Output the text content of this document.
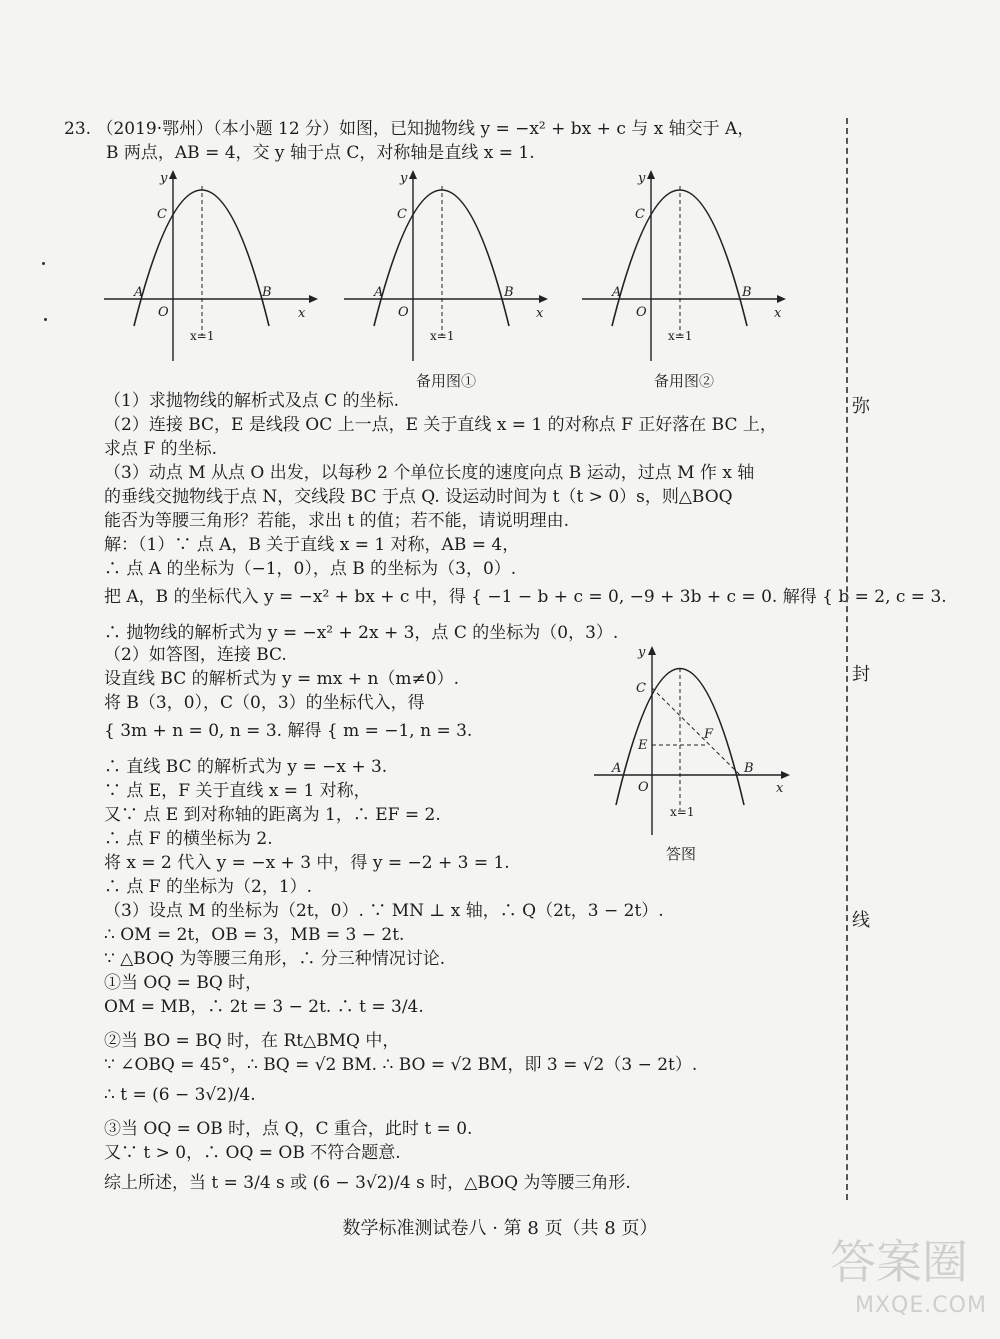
23. （2019·鄂州）（本小题 12 分）如图，已知抛物线 y = −x² + bx + c 与 x 轴交于 A，
B 两点，AB = 4，交 y 轴于点 C，对称轴是直线 x = 1.
y
x
C
A	B
O
x=1
y
x
C
A	B
O
x=1
备用图①
y
x
C
A	B
O
x=1
备用图②
y
x
C
E
F
A	B
O
x=1
答图
（1）求抛物线的解析式及点 C 的坐标.
（2）连接 BC，E 是线段 OC 上一点，E 关于直线 x = 1 的对称点 F 正好落在 BC 上，
求点 F 的坐标.
（3）动点 M 从点 O 出发，以每秒 2 个单位长度的速度向点 B 运动，过点 M 作 x 轴
的垂线交抛物线于点 N，交线段 BC 于点 Q. 设运动时间为 t（t > 0）s，则△BOQ
能否为等腰三角形？若能，求出 t 的值；若不能，请说明理由.
解：（1）∵ 点 A，B 关于直线 x = 1 对称，AB = 4，
∴ 点 A 的坐标为（−1，0），点 B 的坐标为（3，0）.
把 A，B 的坐标代入 y = −x² + bx + c 中，得 { −1 − b + c = 0, −9 + 3b + c = 0. 解得 { b = 2, c = 3.
∴ 抛物线的解析式为 y = −x² + 2x + 3，点 C 的坐标为（0，3）.
（2）如答图，连接 BC.
设直线 BC 的解析式为 y = mx + n（m≠0）.
将 B（3，0），C（0，3）的坐标代入，得
{ 3m + n = 0, n = 3. 解得 { m = −1, n = 3.
∴ 直线 BC 的解析式为 y = −x + 3.
∵ 点 E，F 关于直线 x = 1 对称，
又∵ 点 E 到对称轴的距离为 1，∴ EF = 2.
∴ 点 F 的横坐标为 2.
将 x = 2 代入 y = −x + 3 中，得 y = −2 + 3 = 1.
∴ 点 F 的坐标为（2，1）.
（3）设点 M 的坐标为（2t，0）. ∵ MN ⊥ x 轴，∴ Q（2t，3 − 2t）.
∴ OM = 2t，OB = 3，MB = 3 − 2t.
∵ △BOQ 为等腰三角形，∴ 分三种情况讨论.
①当 OQ = BQ 时，
OM = MB，∴ 2t = 3 − 2t. ∴ t = 3/4.
②当 BO = BQ 时，在 Rt△BMQ 中，
∵ ∠OBQ = 45°，∴ BQ = √2 BM. ∴ BO = √2 BM，即 3 = √2（3 − 2t）.
∴ t = (6 − 3√2)/4.
③当 OQ = OB 时，点 Q，C 重合，此时 t = 0.
又∵ t > 0，∴ OQ = OB 不符合题意.
综上所述，当 t = 3/4 s 或 (6 − 3√2)/4 s 时，△BOQ 为等腰三角形.
弥
封
线
数学标准测试卷八 · 第 8 页（共 8 页）
答案圈
MXQE.COM
